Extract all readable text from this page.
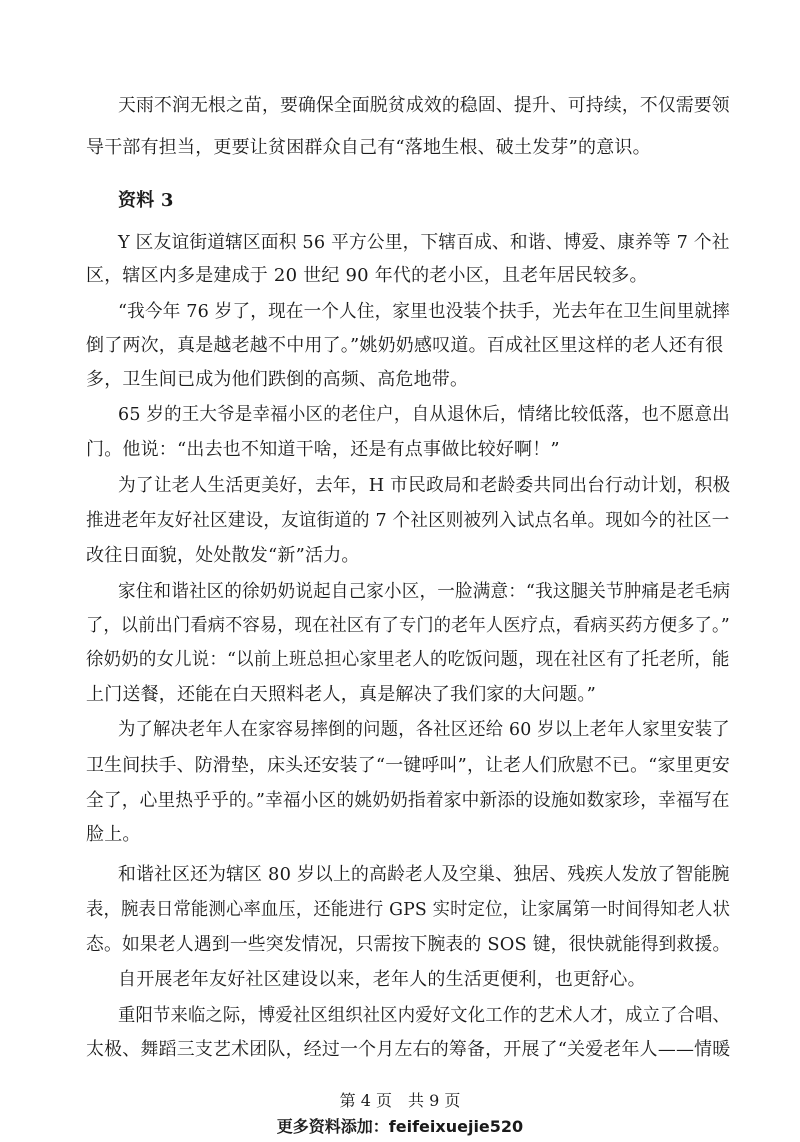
天雨不润无根之苗，要确保全面脱贫成效的稳固、提升、可持续，不仅需要领
导干部有担当，更要让贫困群众自己有“落地生根、破土发芽”的意识。
资料 3
Y 区友谊街道辖区面积 56 平方公里，下辖百成、和谐、博爱、康养等 7 个社
区，辖区内多是建成于 20 世纪 90 年代的老小区，且老年居民较多。
“我今年 76 岁了，现在一个人住，家里也没装个扶手，光去年在卫生间里就摔
倒了两次，真是越老越不中用了。”姚奶奶感叹道。百成社区里这样的老人还有很
多，卫生间已成为他们跌倒的高频、高危地带。
65 岁的王大爷是幸福小区的老住户，自从退休后，情绪比较低落，也不愿意出
门。他说：“出去也不知道干啥，还是有点事做比较好啊！”
为了让老人生活更美好，去年，H 市民政局和老龄委共同出台行动计划，积极
推进老年友好社区建设，友谊街道的 7 个社区则被列入试点名单。现如今的社区一
改往日面貌，处处散发“新”活力。
家住和谐社区的徐奶奶说起自己家小区，一脸满意：“我这腿关节肿痛是老毛病
了，以前出门看病不容易，现在社区有了专门的老年人医疗点，看病买药方便多了。”
徐奶奶的女儿说：“以前上班总担心家里老人的吃饭问题，现在社区有了托老所，能
上门送餐，还能在白天照料老人，真是解决了我们家的大问题。”
为了解决老年人在家容易摔倒的问题，各社区还给 60 岁以上老年人家里安装了
卫生间扶手、防滑垫，床头还安装了“一键呼叫”，让老人们欣慰不已。“家里更安
全了，心里热乎乎的。”幸福小区的姚奶奶指着家中新添的设施如数家珍，幸福写在
脸上。
和谐社区还为辖区 80 岁以上的高龄老人及空巢、独居、残疾人发放了智能腕
表，腕表日常能测心率血压，还能进行 GPS 实时定位，让家属第一时间得知老人状
态。如果老人遇到一些突发情况，只需按下腕表的 SOS 键，很快就能得到救援。
自开展老年友好社区建设以来，老年人的生活更便利，也更舒心。
重阳节来临之际，博爱社区组织社区内爱好文化工作的艺术人才，成立了合唱、
太极、舞蹈三支艺术团队，经过一个月左右的筹备，开展了“关爱老年人——情暖
第 4 页　共 9 页
更多资料添加：feifeixuejie520
